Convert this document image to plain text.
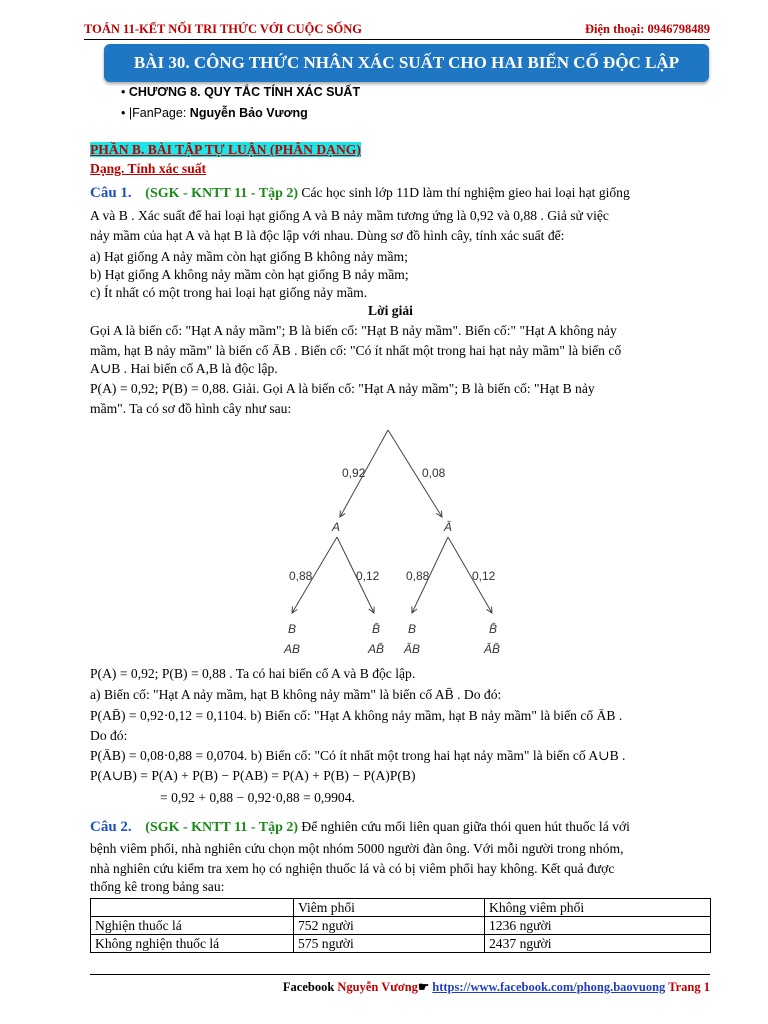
TOÁN 11-KẾT NỐI TRI THỨC VỚI CUỘC SỐNG	Điện thoại: 0946798489
BÀI 30. CÔNG THỨC NHÂN XÁC SUẤT CHO HAI BIẾN CỐ ĐỘC LẬP
• CHƯƠNG 8. QUY TẮC TÍNH XÁC SUẤT
• |FanPage: Nguyễn Bảo Vương
PHẦN B. BÀI TẬP TỰ LUẬN (PHÂN DẠNG)
Dạng. Tính xác suất
Câu 1. (SGK - KNTT 11 - Tập 2) Các học sinh lớp 11D làm thí nghiệm gieo hai loại hạt giống
A và B . Xác suất để hai loại hạt giống A và B nảy mầm tương ứng là 0,92 và 0,88 . Giả sử việc
nảy mầm của hạt A và hạt B là độc lập với nhau. Dùng sơ đồ hình cây, tính xác suất để:
a) Hạt giống A nảy mầm còn hạt giống B không nảy mầm;
b) Hạt giống A không nảy mầm còn hạt giống B nảy mầm;
c) Ít nhất có một trong hai loại hạt giống nảy mầm.
Lời giải
Gọi A là biến cố: "Hạt A nảy mầm"; B là biến cố: "Hạt B nảy mầm". Biến cố:" "Hạt A không nảy
mầm, hạt B nảy mầm" là biến cố ĀB . Biến cố: "Có ít nhất một trong hai hạt nảy mầm" là biến cố
A∪B . Hai biến cố A,B là độc lập.
P(A) = 0,92; P(B) = 0,88. Giải. Gọi A là biến cố: "Hạt A nảy mầm"; B là biến cố: "Hạt B nảy
mầm". Ta có sơ đồ hình cây như sau:
0,92	0,08
A	Ā
0,88	0,12 0,88	0,12
B	B̄ B	B̄
AB	AB̄ ĀB	ĀB̄
P(A) = 0,92; P(B) = 0,88 . Ta có hai biến cố A và B độc lập.
a) Biến cố: "Hạt A nảy mầm, hạt B không nảy mầm" là biến cố AB̄ . Do đó:
P(AB̄) = 0,92·0,12 = 0,1104. b) Biến cố: "Hạt A không nảy mầm, hạt B nảy mầm" là biến cố ĀB .
Do đó:
P(ĀB) = 0,08·0,88 = 0,0704. b) Biến cố: "Có ít nhất một trong hai hạt nảy mầm" là biến cố A∪B .
P(A∪B) = P(A) + P(B) − P(AB) = P(A) + P(B) − P(A)P(B)
= 0,92 + 0,88 − 0,92·0,88 = 0,9904.
Câu 2. (SGK - KNTT 11 - Tập 2) Để nghiên cứu mối liên quan giữa thói quen hút thuốc lá với
bệnh viêm phổi, nhà nghiên cứu chọn một nhóm 5000 người đàn ông. Với mỗi người trong nhóm,
nhà nghiên cứu kiểm tra xem họ có nghiện thuốc lá và có bị viêm phổi hay không. Kết quả được
thống kê trong bảng sau:
	Viêm phổi	Không viêm phổi
Nghiện thuốc lá	752 người	1236 người
Không nghiện thuốc lá	575 người	2437 người
Facebook Nguyễn Vương☛ https://www.facebook.com/phong.baovuong Trang 1
